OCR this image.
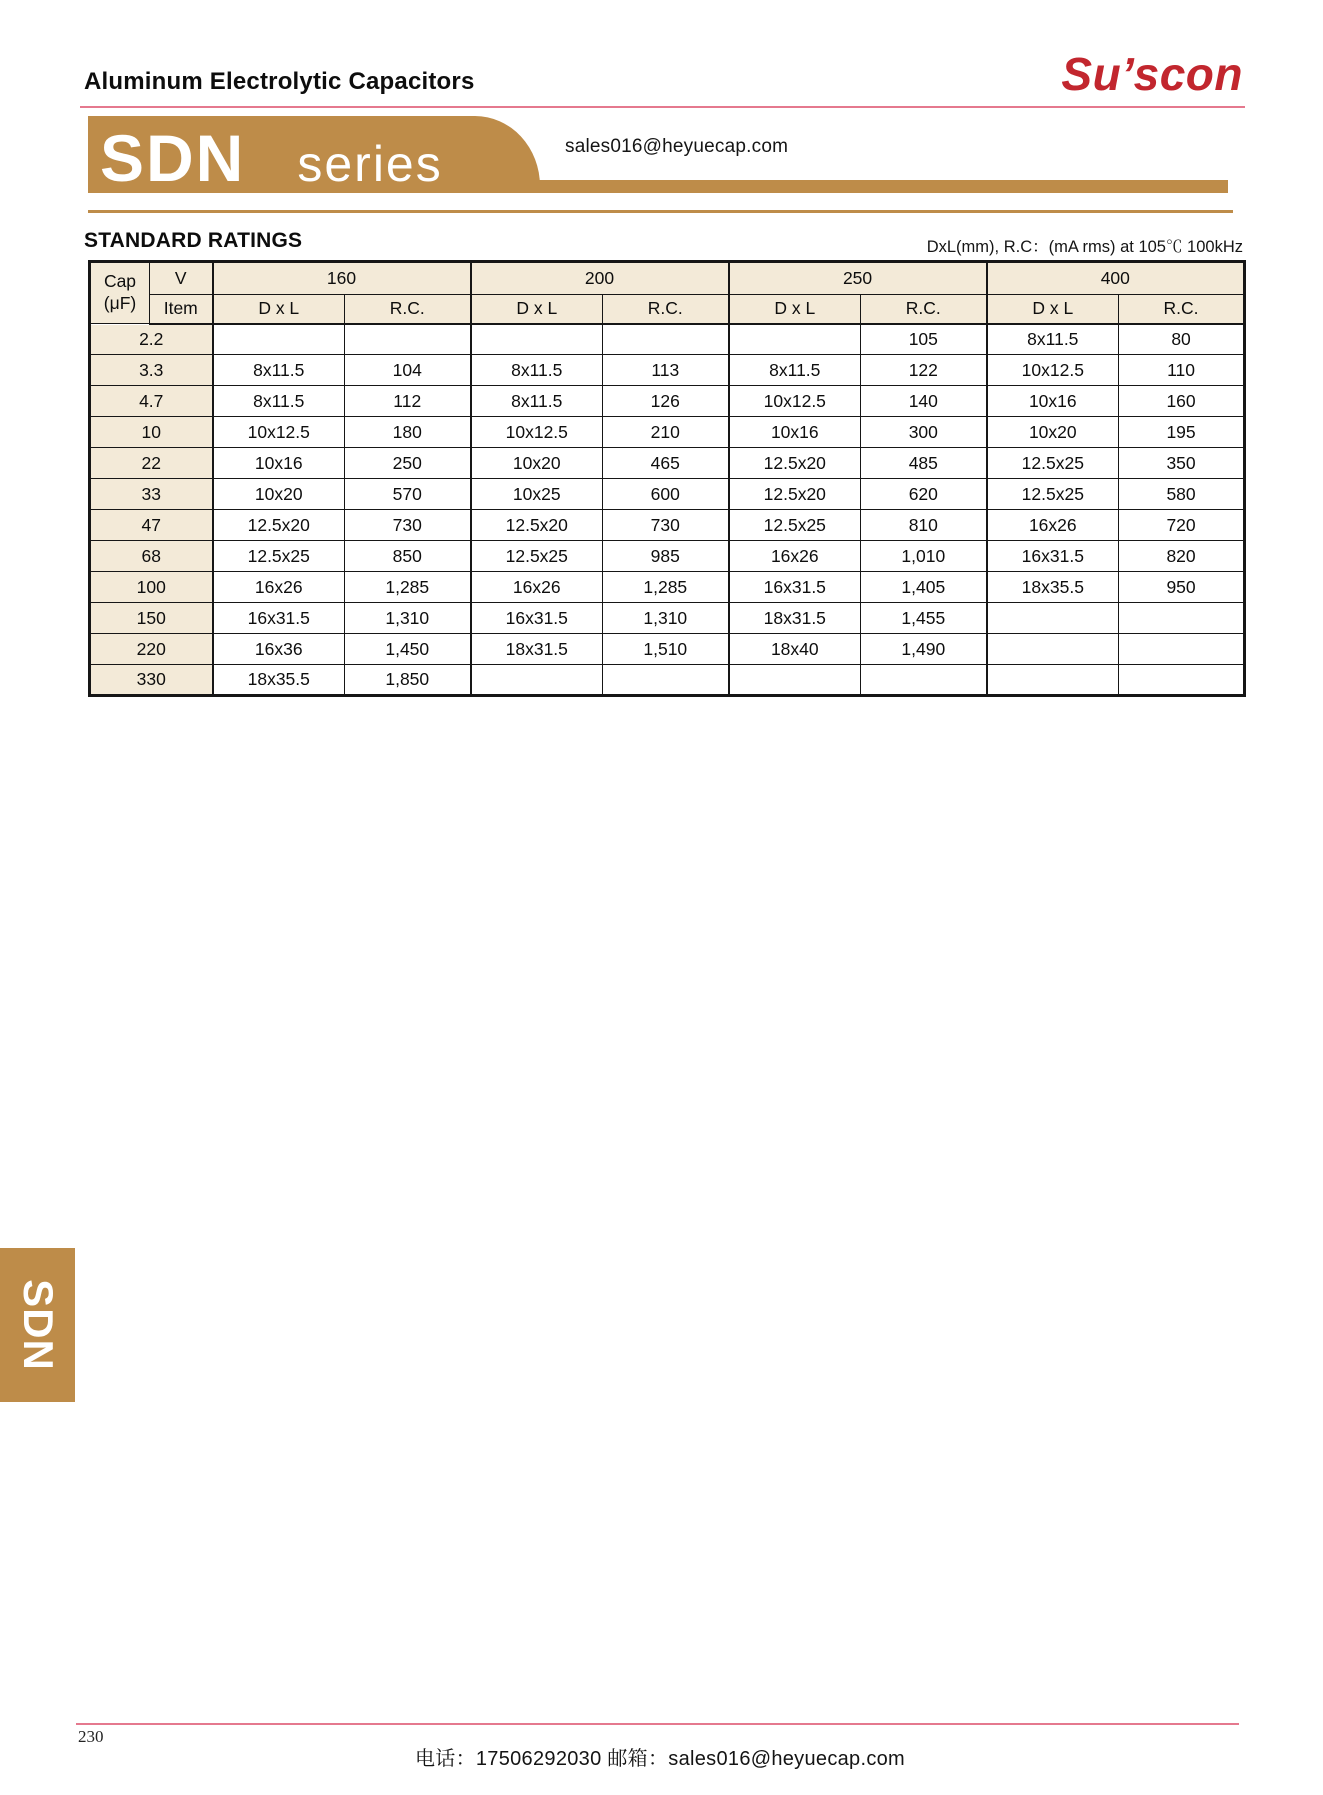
Aluminum Electrolytic Capacitors	Su’scon
SDN series	sales016@heyuecap.com
STANDARD RATINGS	DxL(mm), R.C：(mA rms) at 105℃ 100kHz
Cap
(μF)	V	160		200		250		400	
	Item	D x L	R.C.	D x L	R.C.	D x L	R.C.	D x L	R.C.
2.2							105	8x11.5	80
3.3		8x11.5	104	8x11.5	113	8x11.5	122	10x12.5	110
4.7		8x11.5	112	8x11.5	126	10x12.5	140	10x16	160
10		10x12.5	180	10x12.5	210	10x16	300	10x20	195
22		10x16	250	10x20	465	12.5x20	485	12.5x25	350
33		10x20	570	10x25	600	12.5x20	620	12.5x25	580
47		12.5x20	730	12.5x20	730	12.5x25	810	16x26	720
68		12.5x25	850	12.5x25	985	16x26	1,010	16x31.5	820
100		16x26	1,285	16x26	1,285	16x31.5	1,405	18x35.5	950
150		16x31.5	1,310	16x31.5	1,310	18x31.5	1,455		
220		16x36	1,450	18x31.5	1,510	18x40	1,490		
330		18x35.5	1,850						
SDN
230
电话：17506292030 邮箱：sales016@heyuecap.com
